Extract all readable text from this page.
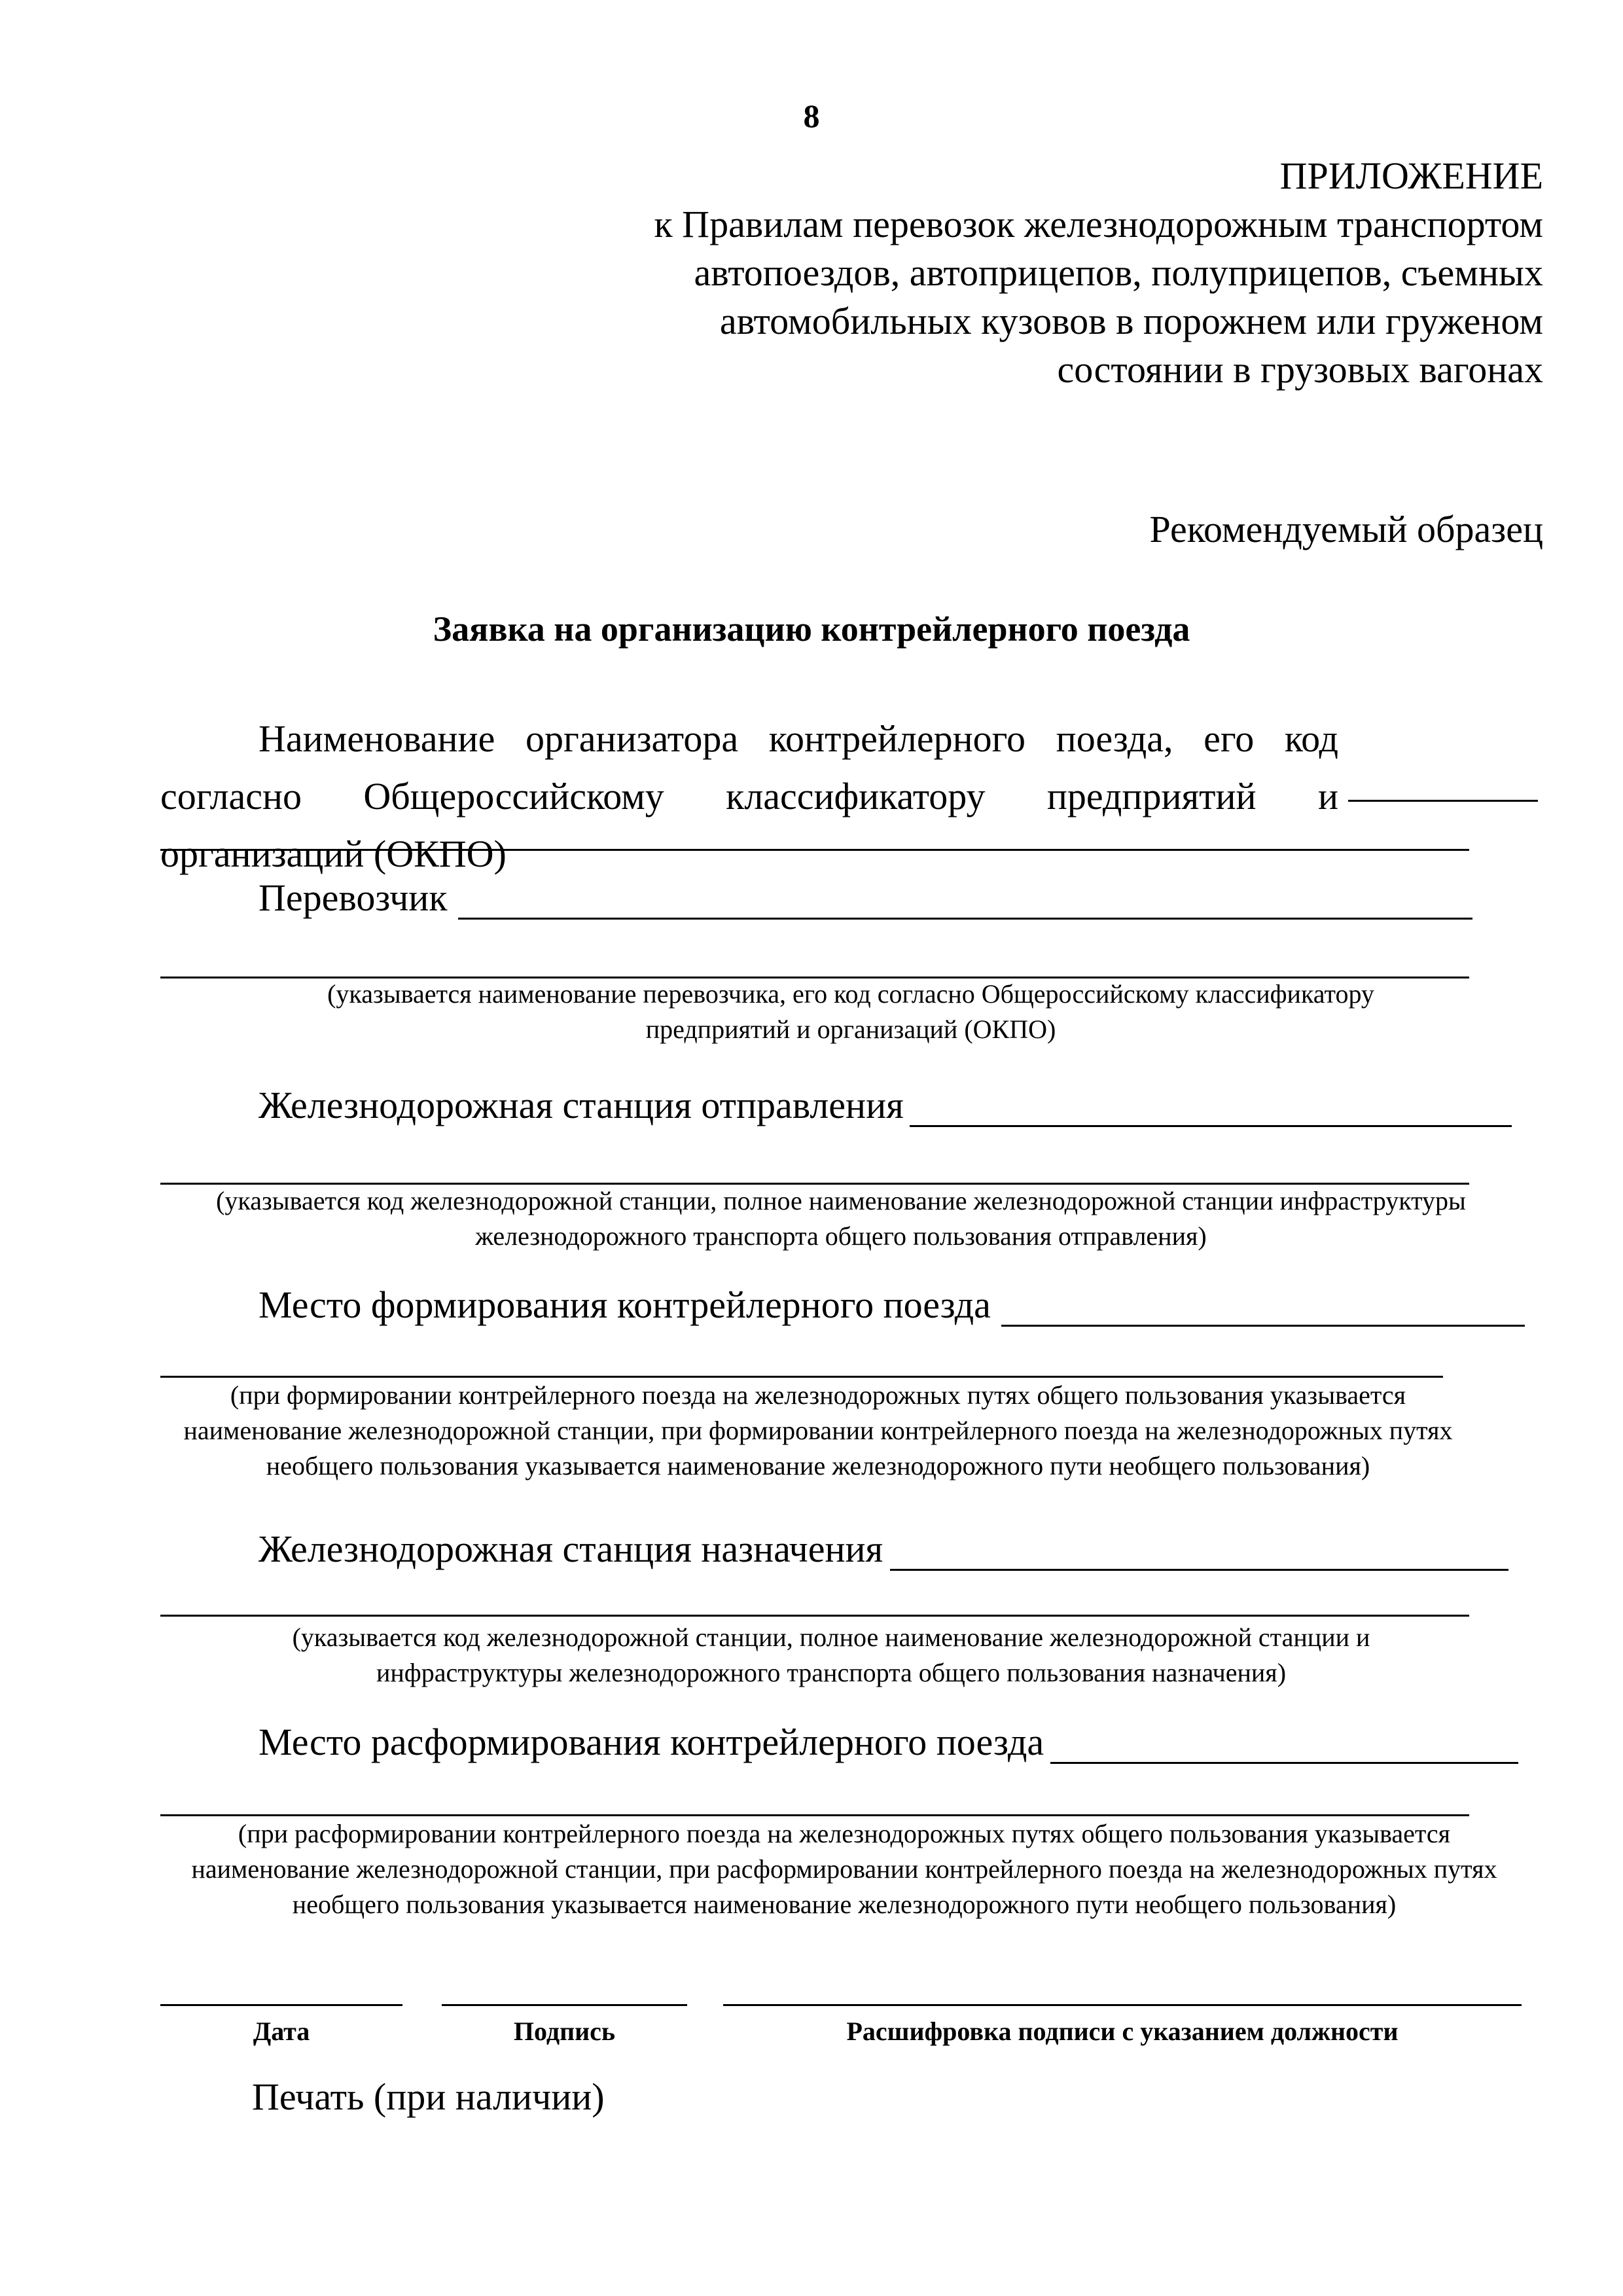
8
ПРИЛОЖЕНИЕ
к Правилам перевозок железнодорожным транспортом автопоездов, автоприцепов, полуприцепов, съемных автомобильных кузовов в порожнем или груженом состоянии в грузовых вагонах
Рекомендуемый образец
Заявка на организацию контрейлерного поезда
Наименование организатора контрейлерного поезда, его код согласно Общероссийскому классификатору предприятий и организаций (ОКПО)
Перевозчик
(указывается наименование перевозчика, его код согласно Общероссийскому классификатору предприятий и организаций (ОКПО)
Железнодорожная станция отправления
(указывается код железнодорожной станции, полное наименование железнодорожной станции инфраструктуры железнодорожного транспорта общего пользования отправления)
Место формирования контрейлерного поезда
(при формировании контрейлерного поезда на железнодорожных путях общего пользования указывается наименование железнодорожной станции, при формировании контрейлерного поезда на железнодорожных путях необщего пользования указывается наименование железнодорожного пути необщего пользования)
Железнодорожная станция назначения
(указывается код железнодорожной станции, полное наименование железнодорожной станции и инфраструктуры железнодорожного транспорта общего пользования назначения)
Место расформирования контрейлерного поезда
(при расформировании контрейлерного поезда на железнодорожных путях общего пользования указывается наименование железнодорожной станции, при расформировании контрейлерного поезда на железнодорожных путях необщего пользования указывается наименование железнодорожного пути необщего пользования)
Дата	Подпись	Расшифровка подписи с указанием должности
Печать (при наличии)
